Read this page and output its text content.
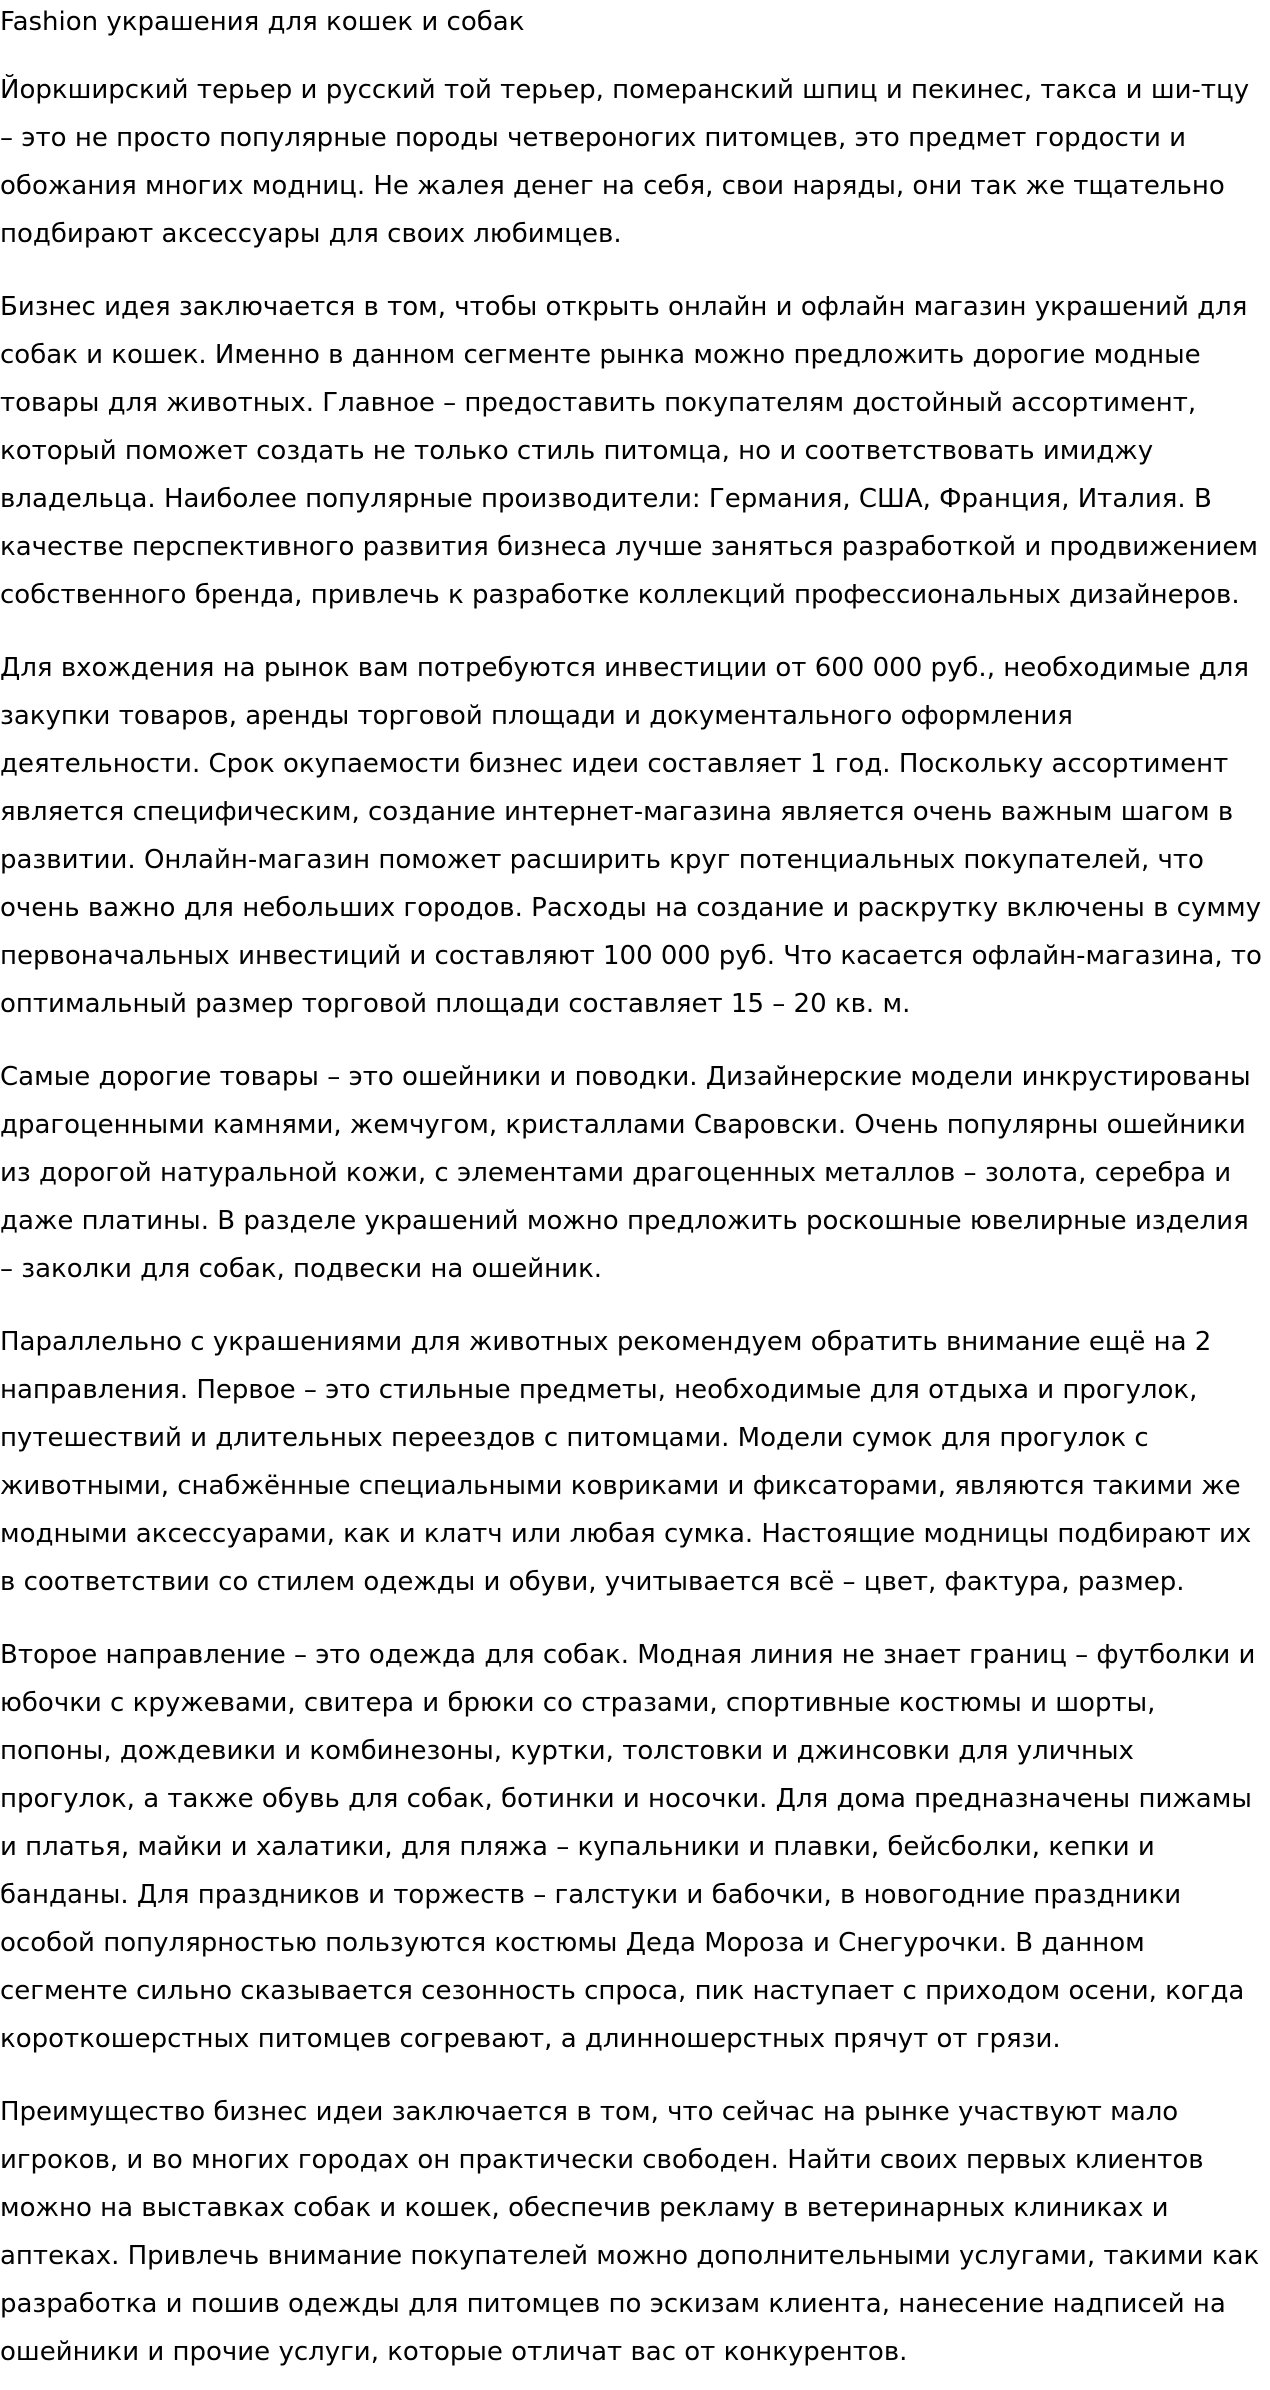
Fashion украшения для кошек и собак

Йоркширский терьер и русский той терьер, померанский шпиц и пекинес, такса и ши-тцу – это не просто популярные породы четвероногих питомцев, это предмет гордости и обожания многих модниц. Не жалея денег на себя, свои наряды, они так же тщательно подбирают аксессуары для своих любимцев.

Бизнес идея заключается в том, чтобы открыть онлайн и офлайн магазин украшений для собак и кошек. Именно в данном сегменте рынка можно предложить дорогие модные товары для животных. Главное – предоставить покупателям достойный ассортимент, который поможет создать не только стиль питомца, но и соответствовать имиджу владельца. Наиболее популярные производители: Германия, США, Франция, Италия. В качестве перспективного развития бизнеса лучше заняться разработкой и продвижением собственного бренда, привлечь к разработке коллекций профессиональных дизайнеров.

Для вхождения на рынок вам потребуются инвестиции от 600 000 руб., необходимые для закупки товаров, аренды торговой площади и документального оформления деятельности. Срок окупаемости бизнес идеи составляет 1 год. Поскольку ассортимент является специфическим, создание интернет-магазина является очень важным шагом в развитии. Онлайн-магазин поможет расширить круг потенциальных покупателей, что очень важно для небольших городов. Расходы на создание и раскрутку включены в сумму первоначальных инвестиций и составляют 100 000 руб. Что касается офлайн-магазина, то оптимальный размер торговой площади составляет 15 – 20 кв. м.

Самые дорогие товары – это ошейники и поводки. Дизайнерские модели инкрустированы драгоценными камнями, жемчугом, кристаллами Сваровски. Очень популярны ошейники из дорогой натуральной кожи, с элементами драгоценных металлов – золота, серебра и даже платины. В разделе украшений можно предложить роскошные ювелирные изделия – заколки для собак, подвески на ошейник.

Параллельно с украшениями для животных рекомендуем обратить внимание ещё на 2 направления. Первое – это стильные предметы, необходимые для отдыха и прогулок, путешествий и длительных переездов с питомцами. Модели сумок для прогулок с животными, снабжённые специальными ковриками и фиксаторами, являются такими же модными аксессуарами, как и клатч или любая сумка. Настоящие модницы подбирают их в соответствии со стилем одежды и обуви, учитывается всё – цвет, фактура, размер.

Второе направление – это одежда для собак. Модная линия не знает границ – футболки и юбочки с кружевами, свитера и брюки со стразами, спортивные костюмы и шорты, попоны, дождевики и комбинезоны, куртки, толстовки и джинсовки для уличных прогулок, а также обувь для собак, ботинки и носочки. Для дома предназначены пижамы и платья, майки и халатики, для пляжа – купальники и плавки, бейсболки, кепки и банданы. Для праздников и торжеств – галстуки и бабочки, в новогодние праздники особой популярностью пользуются костюмы Деда Мороза и Снегурочки. В данном сегменте сильно сказывается сезонность спроса, пик наступает с приходом осени, когда короткошерстных питомцев согревают, а длинношерстных прячут от грязи.

Преимущество бизнес идеи заключается в том, что сейчас на рынке участвуют мало игроков, и во многих городах он практически свободен. Найти своих первых клиентов можно на выставках собак и кошек, обеспечив рекламу в ветеринарных клиниках и аптеках. Привлечь внимание покупателей можно дополнительными услугами, такими как разработка и пошив одежды для питомцев по эскизам клиента, нанесение надписей на ошейники и прочие услуги, которые отличат вас от конкурентов.
